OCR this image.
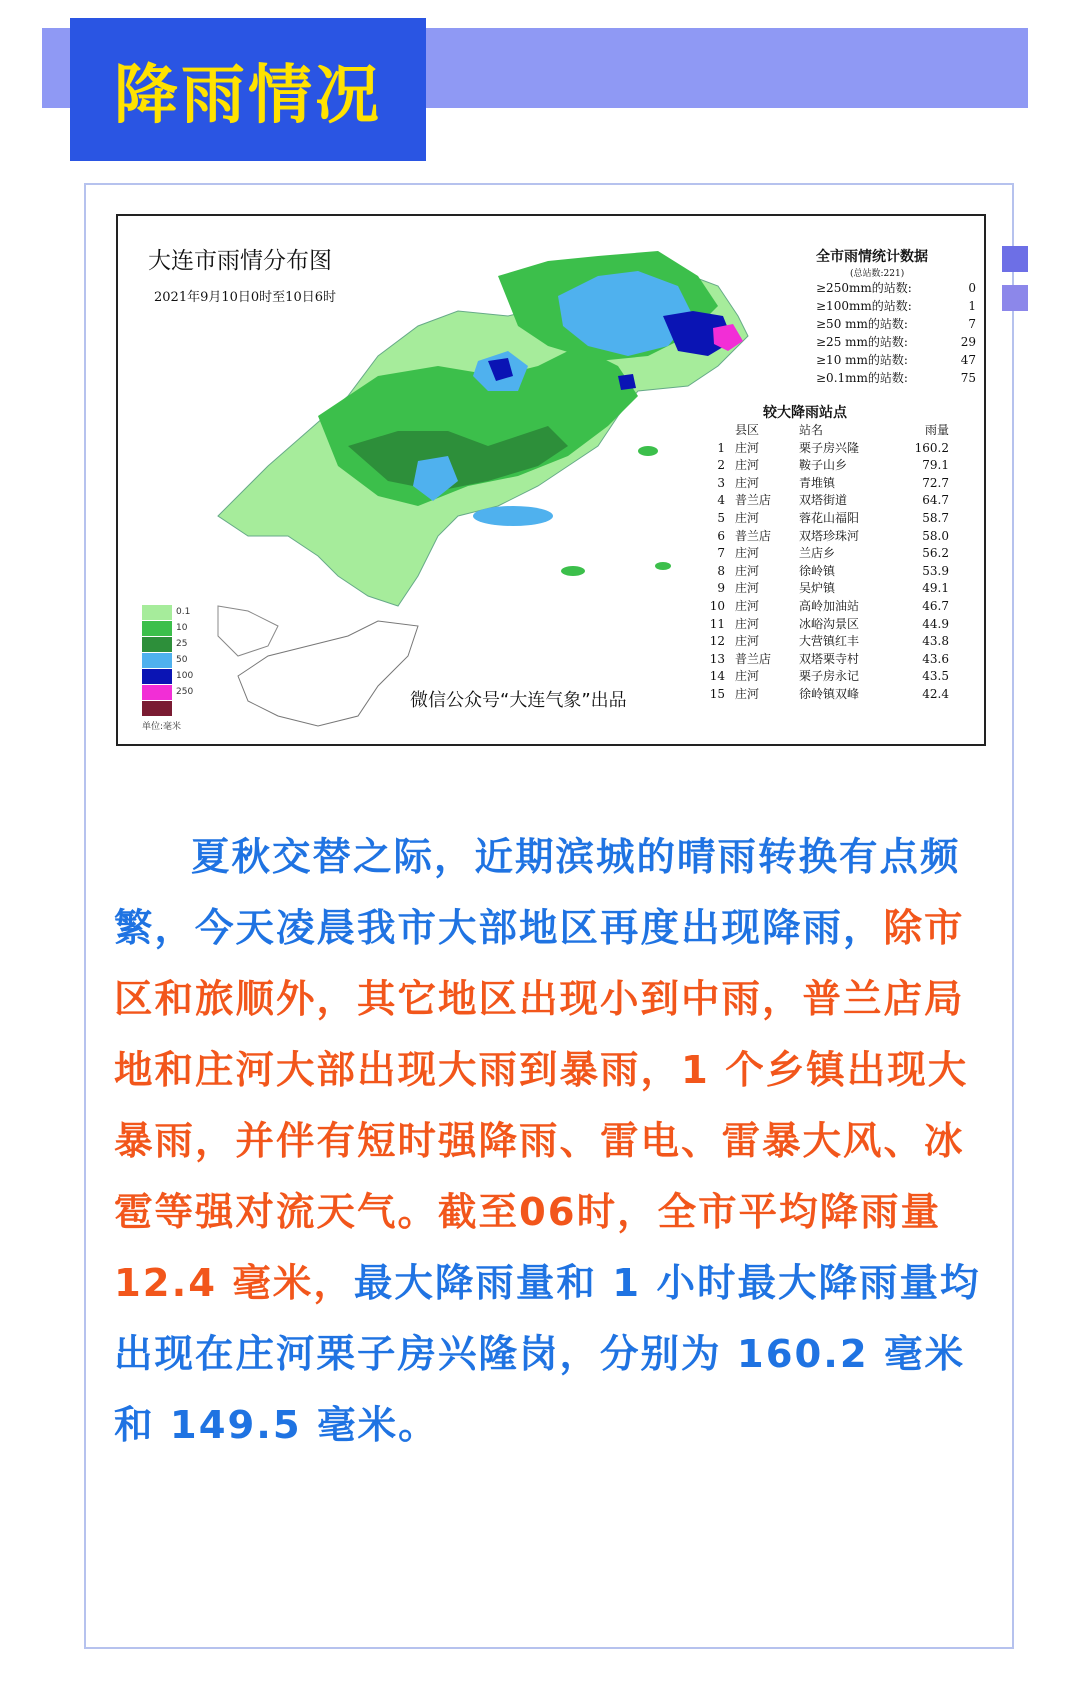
降雨情况
大连市雨情分布图
2021年9月10日0时至10日6时
微信公众号“大连气象”出品
0.1
10
25
50
100
250
单位:毫米
全市雨情统计数据
(总站数:221)
≥250mm的站数:	0
≥100mm的站数:	1
≥50 mm的站数:	7
≥25 mm的站数:	29
≥10 mm的站数:	47
≥0.1mm的站数:	75
较大降雨站点
县区	站名	雨量
1 庄河	栗子房兴隆	160.2
2 庄河	鞍子山乡	79.1
3 庄河	青堆镇	72.7
4 普兰店	双塔街道	64.7
5 庄河	蓉花山福阳	58.7
6 普兰店	双塔珍珠河	58.0
7 庄河	兰店乡	56.2
8 庄河	徐岭镇	53.9
9 庄河	吴炉镇	49.1
10 庄河	高岭加油站	46.7
11 庄河	冰峪沟景区	44.9
12 庄河	大营镇红丰	43.8
13 普兰店	双塔栗寺村	43.6
14 庄河	栗子房永记	43.5
15 庄河	徐岭镇双峰	42.4
夏秋交替之际，近期滨城的晴雨转换有点频繁，今天凌晨我市大部地区再度出现降雨，除市区和旅顺外，其它地区出现小到中雨，普兰店局地和庄河大部出现大雨到暴雨，1 个乡镇出现大暴雨，并伴有短时强降雨、雷电、雷暴大风、冰雹等强对流天气。截至06时，全市平均降雨量 12.4 毫米，最大降雨量和 1 小时最大降雨量均出现在庄河栗子房兴隆岗，分别为 160.2 毫米和 149.5 毫米。
